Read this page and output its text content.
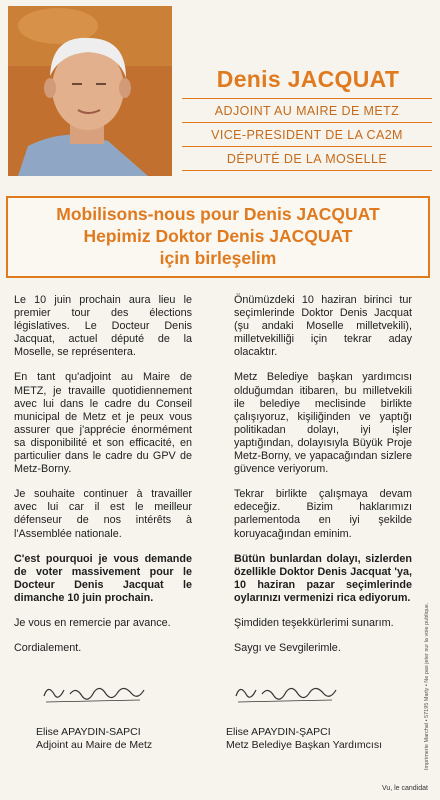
Denis JACQUAT
ADJOINT AU MAIRE DE METZ
VICE-PRESIDENT DE LA CA2M
DÉPUTÉ DE LA MOSELLE
Mobilisons-nous pour Denis JACQUAT
Hepimiz Doktor Denis JACQUAT
için birleşelim

Le 10 juin prochain aura lieu le premier tour des élections législatives. Le Docteur Denis Jacquat, actuel député de la Moselle, se représentera.

En tant qu'adjoint au Maire de METZ, je travaille quotidiennement avec lui dans le cadre du Conseil municipal de Metz et je peux vous assurer que j'apprécie énormément sa disponibilité et son efficacité, en particulier dans le cadre du GPV de Metz-Borny.

Je souhaite continuer à travailler avec lui car il est le meilleur défenseur de nos intérêts à l'Assemblée nationale.

C'est pourquoi je vous demande de voter massivement pour le Docteur Denis Jacquat le dimanche 10 juin prochain.

Je vous en remercie par avance.

Cordialement.

Önümüzdeki 10 haziran birinci tur seçimlerinde Doktor Denis Jacquat (şu andaki Moselle milletvekili), milletvekilliği için tekrar aday olacaktır.

Metz Belediye başkan yardımcısı olduğumdan itibaren, bu milletvekili ile belediye meclisinde birlikte çalışıyoruz, kişiliğinden ve yaptığı politikadan dolayı, iyi işler yaptığından, dolayısıyla Büyük Proje Metz-Borny, ve yapacağından sizlere güvence veriyorum.

Tekrar birlikte çalışmaya devam edeceğiz. Bizim haklarımızı parlementoda en iyi şekilde koruyacağından eminim.

Bütün bunlardan dolayı, sizlerden özellikle Doktor Denis Jacquat 'ya, 10 haziran pazar seçimlerinde oylarınızı vermenizi rica ediyorum.

Şimdiden teşekkürlerimi sunarım.

Saygı ve Sevgilerimle.

Elise APAYDIN-SAPCI
Adjoint au Maire de Metz
Elise APAYDIN-ŞAPCI
Metz Belediye Başkan Yardımcısı	Imprimerie Marchal • 57195 Marly • Ne pas jeter sur la voie publique.
Vu, le candidat
